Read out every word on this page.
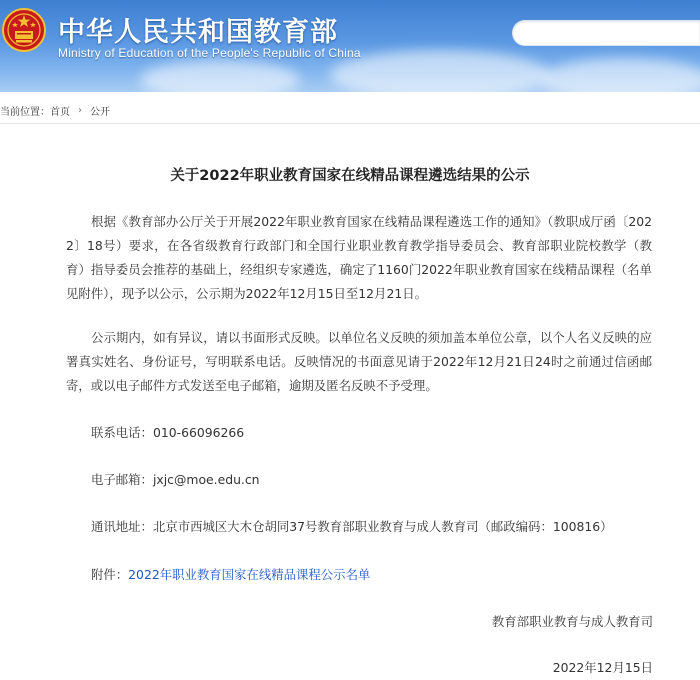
中华人民共和国教育部
Ministry of Education of the People's Republic of China
当前位置： 首页 › 公开
关于2022年职业教育国家在线精品课程遴选结果的公示

根据《教育部办公厅关于开展2022年职业教育国家在线精品课程遴选工作的通知》（教职成厅函〔2022〕18号）要求，在各省级教育行政部门和全国行业职业教育教学指导委员会、教育部职业院校教学（教育）指导委员会推荐的基础上，经组织专家遴选，确定了1160门2022年职业教育国家在线精品课程（名单见附件），现予以公示，公示期为2022年12月15日至12月21日。

公示期内，如有异议，请以书面形式反映。以单位名义反映的须加盖本单位公章，以个人名义反映的应署真实姓名、身份证号，写明联系电话。反映情况的书面意见请于2022年12月21日24时之前通过信函邮寄，或以电子邮件方式发送至电子邮箱，逾期及匿名反映不予受理。

联系电话：010-66096266
电子邮箱：jxjc@moe.edu.cn
通讯地址：北京市西城区大木仓胡同37号教育部职业教育与成人教育司（邮政编码：100816）
附件：2022年职业教育国家在线精品课程公示名单
教育部职业教育与成人教育司
2022年12月15日
